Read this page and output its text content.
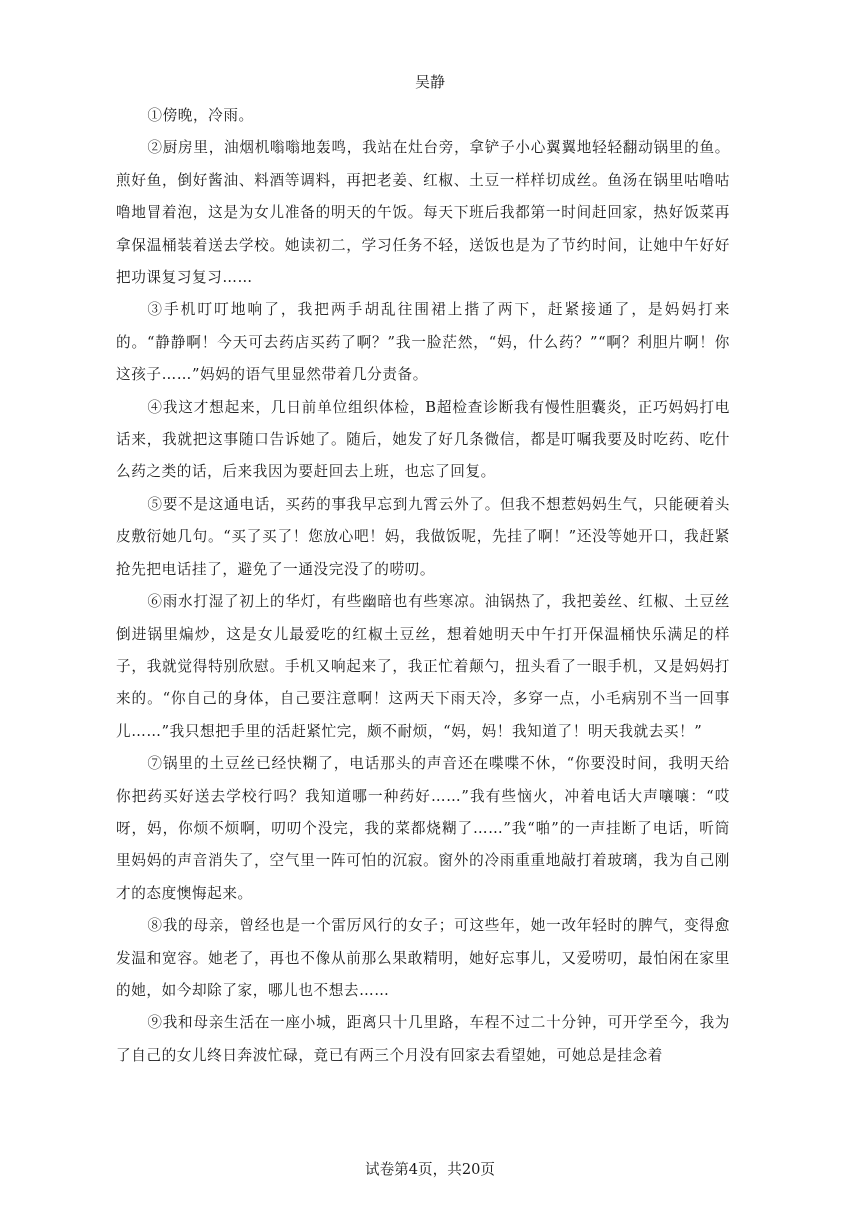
吴静

①傍晚，冷雨。

②厨房里，油烟机嗡嗡地轰鸣，我站在灶台旁，拿铲子小心翼翼地轻轻翻动锅里的鱼。煎好鱼，倒好酱油、料酒等调料，再把老姜、红椒、土豆一样样切成丝。鱼汤在锅里咕噜咕噜地冒着泡，这是为女儿准备的明天的午饭。每天下班后我都第一时间赶回家，热好饭菜再拿保温桶装着送去学校。她读初二，学习任务不轻，送饭也是为了节约时间，让她中午好好把功课复习复习……

③手机叮叮地响了，我把两手胡乱往围裙上揩了两下，赶紧接通了，是妈妈打来的。“静静啊！今天可去药店买药了啊？”我一脸茫然，“妈，什么药？”“啊？利胆片啊！你这孩子……”妈妈的语气里显然带着几分责备。

④我这才想起来，几日前单位组织体检，B超检查诊断我有慢性胆囊炎，正巧妈妈打电话来，我就把这事随口告诉她了。随后，她发了好几条微信，都是叮嘱我要及时吃药、吃什么药之类的话，后来我因为要赶回去上班，也忘了回复。

⑤要不是这通电话，买药的事我早忘到九霄云外了。但我不想惹妈妈生气，只能硬着头皮敷衍她几句。“买了买了！您放心吧！妈，我做饭呢，先挂了啊！”还没等她开口，我赶紧抢先把电话挂了，避免了一通没完没了的唠叨。

⑥雨水打湿了初上的华灯，有些幽暗也有些寒凉。油锅热了，我把姜丝、红椒、土豆丝倒进锅里煸炒，这是女儿最爱吃的红椒土豆丝，想着她明天中午打开保温桶快乐满足的样子，我就觉得特别欣慰。手机又响起来了，我正忙着颠勺，扭头看了一眼手机，又是妈妈打来的。“你自己的身体，自己要注意啊！这两天下雨天冷，多穿一点，小毛病别不当一回事儿……”我只想把手里的活赶紧忙完，颇不耐烦，“妈，妈！我知道了！明天我就去买！”

⑦锅里的土豆丝已经快糊了，电话那头的声音还在喋喋不休，“你要没时间，我明天给你把药买好送去学校行吗？我知道哪一种药好……”我有些恼火，冲着电话大声嚷嚷：“哎呀，妈，你烦不烦啊，叨叨个没完，我的菜都烧糊了……”我“啪”的一声挂断了电话，听筒里妈妈的声音消失了，空气里一阵可怕的沉寂。窗外的冷雨重重地敲打着玻璃，我为自己刚才的态度懊悔起来。

⑧我的母亲，曾经也是一个雷厉风行的女子；可这些年，她一改年轻时的脾气，变得愈发温和宽容。她老了，再也不像从前那么果敢精明，她好忘事儿，又爱唠叨，最怕闲在家里的她，如今却除了家，哪儿也不想去……

⑨我和母亲生活在一座小城，距离只十几里路，车程不过二十分钟，可开学至今，我为了自己的女儿终日奔波忙碌，竟已有两三个月没有回家去看望她，可她总是挂念着

试卷第4页，共20页
